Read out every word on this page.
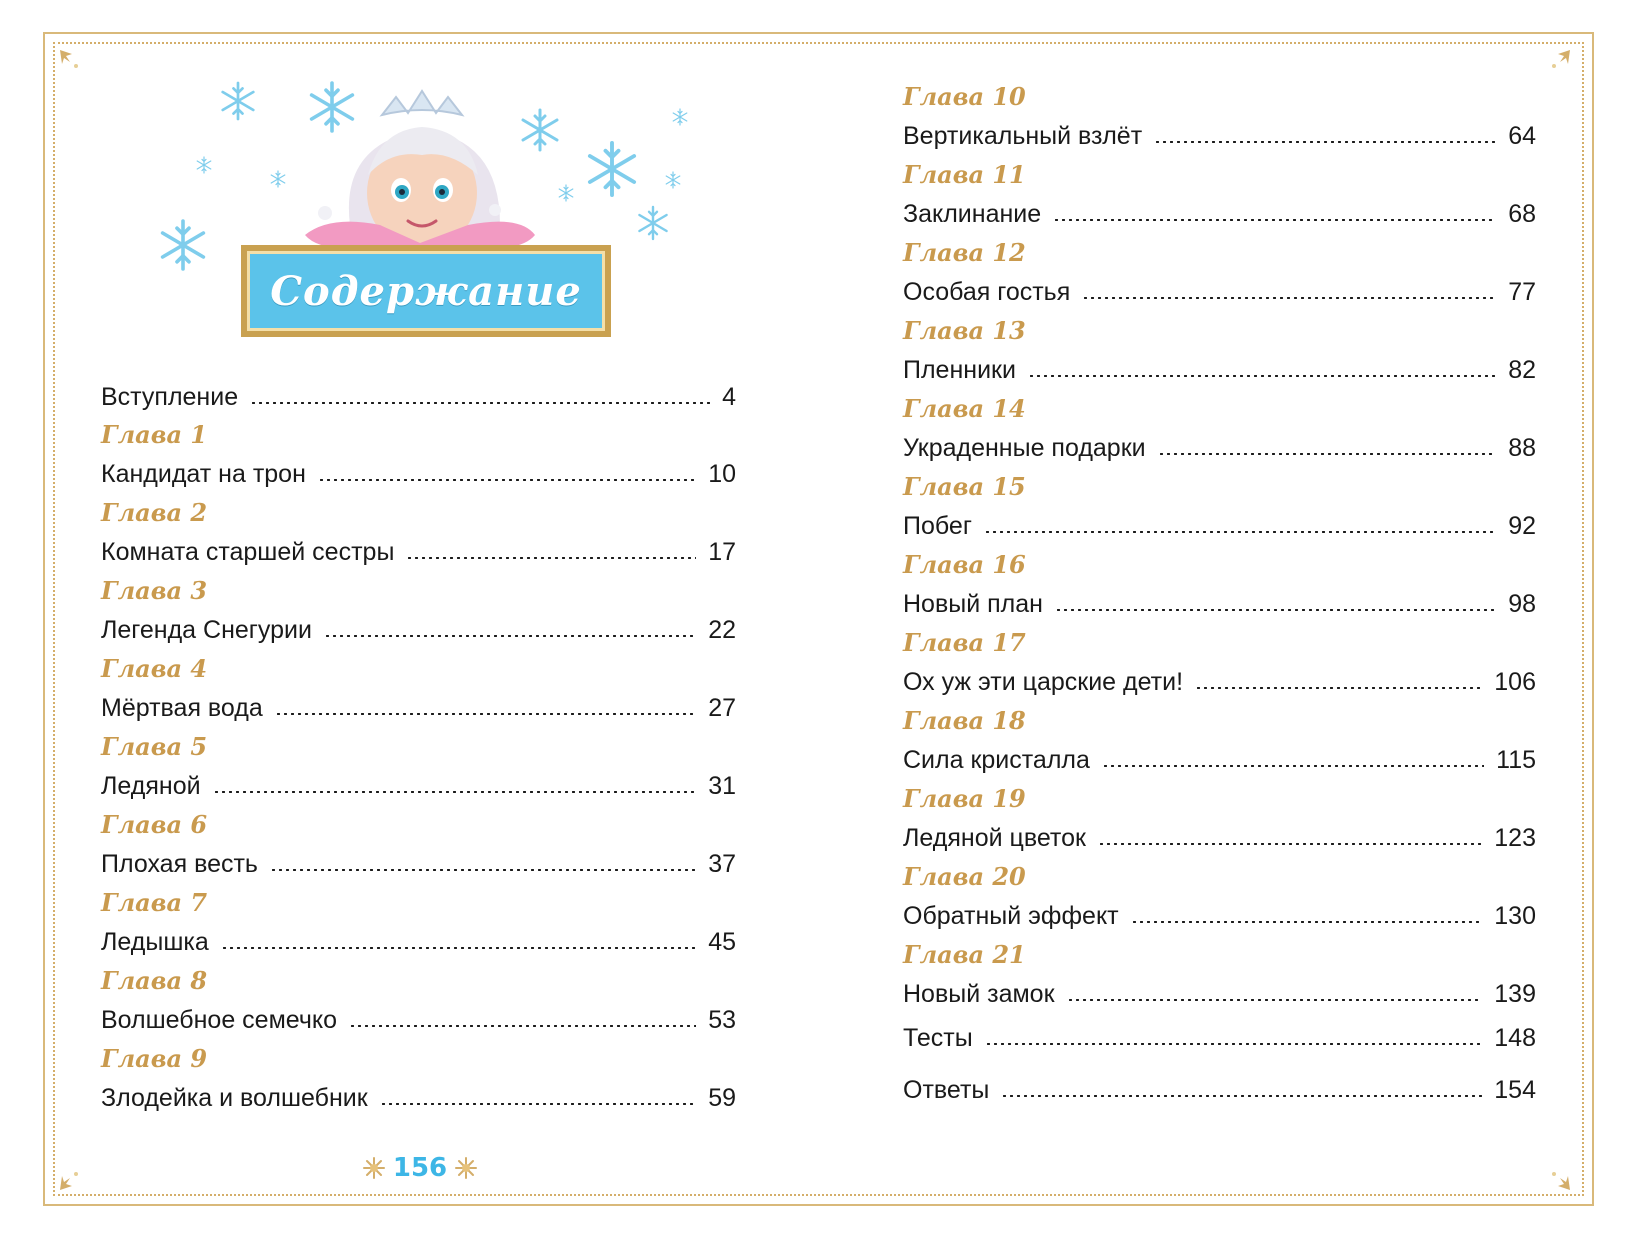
Содержание
Вступление	4
Глава 1
Кандидат на трон	10
Глава 2
Комната старшей сестры	17
Глава 3
Легенда Снегурии	22
Глава 4
Мёртвая вода	27
Глава 5
Ледяной	31
Глава 6
Плохая весть	37
Глава 7
Ледышка	45
Глава 8
Волшебное семечко	53
Глава 9
Злодейка и волшебник	59
Глава 10
Вертикальный взлёт	64
Глава 11
Заклинание	68
Глава 12
Особая гостья	77
Глава 13
Пленники	82
Глава 14
Украденные подарки	88
Глава 15
Побег	92
Глава 16
Новый план	98
Глава 17
Ох уж эти царские дети!	106
Глава 18
Сила кристалла	115
Глава 19
Ледяной цветок	123
Глава 20
Обратный эффект	130
Глава 21
Новый замок	139
Тесты	148
Ответы	154
156
